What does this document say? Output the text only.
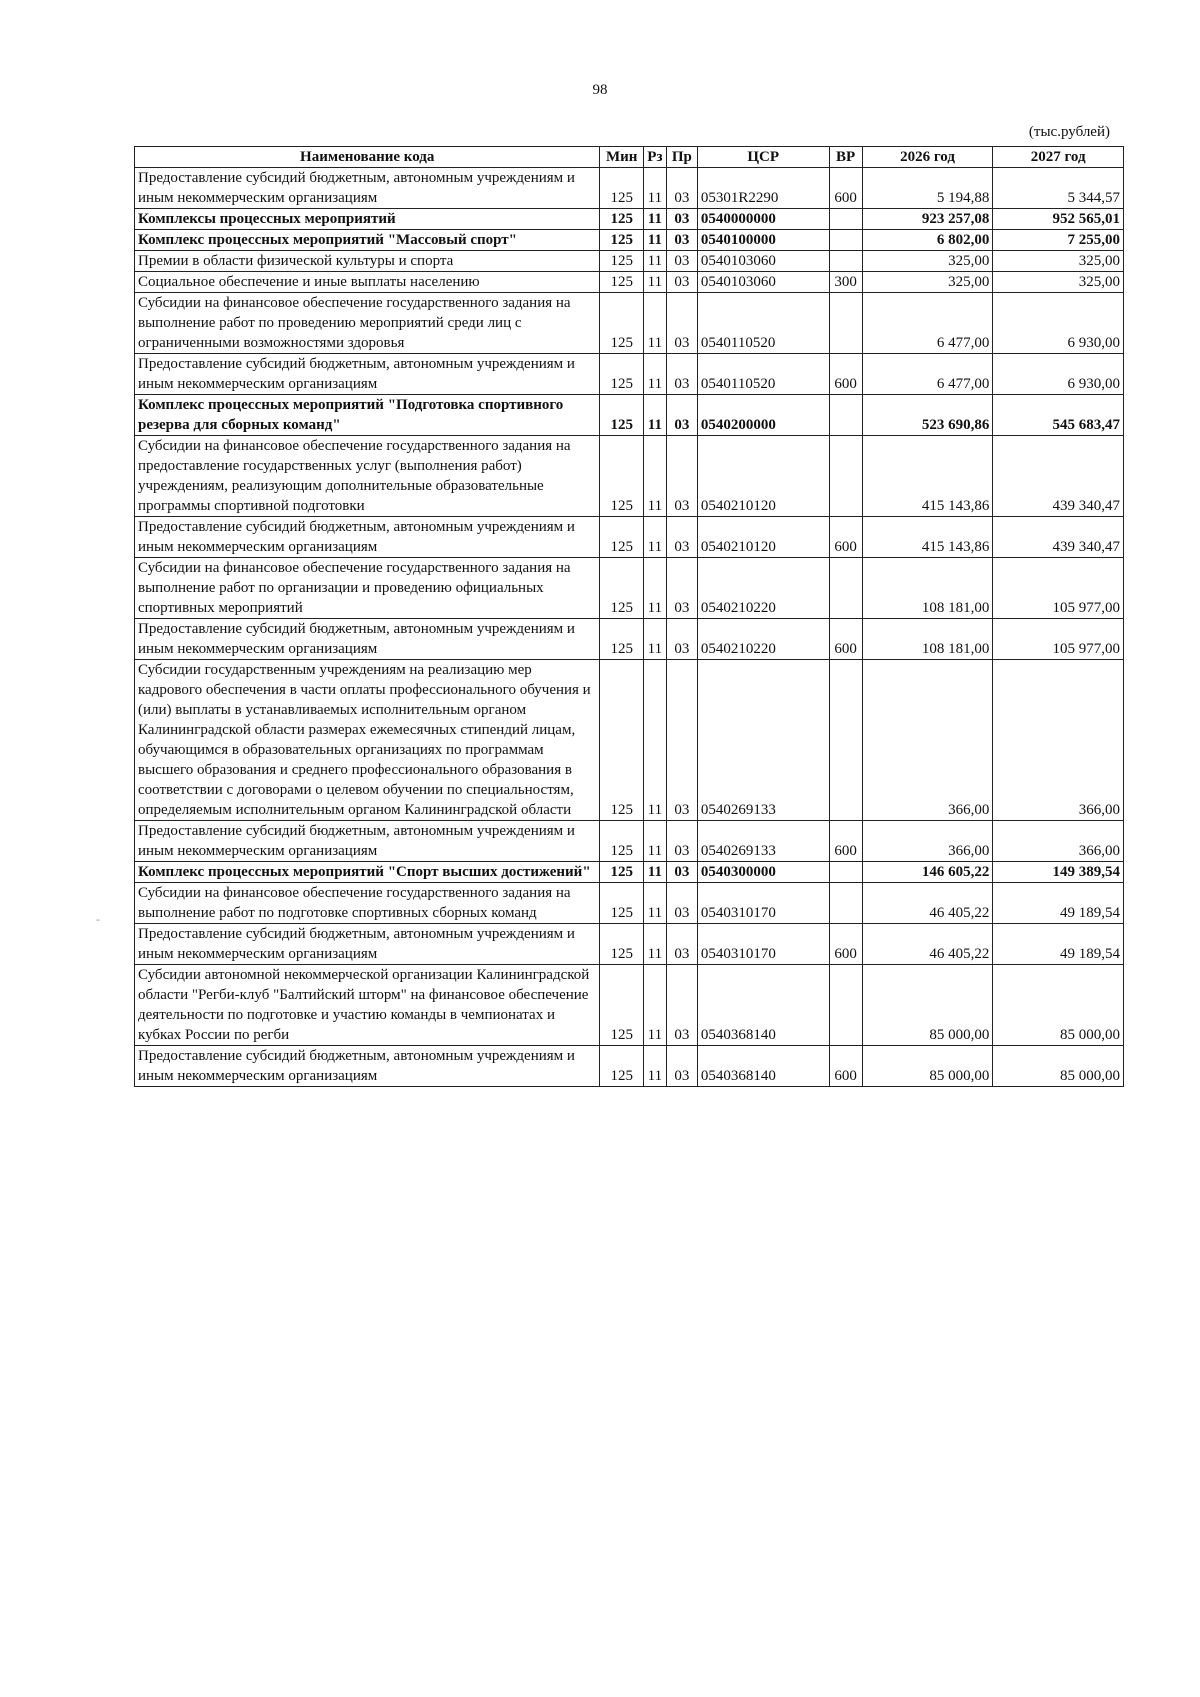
98
(тыс.рублей)
Наименование кода	Мин	Рз	Пр	ЦСР	ВР	2026 год	2027 год
Предоставление субсидий бюджетным, автономным учреждениям и иным некоммерческим организациям	125	11	03	05301R2290	600	5 194,88	5 344,57
Комплексы процессных мероприятий	125	11	03	0540000000		923 257,08	952 565,01
Комплекс процессных мероприятий "Массовый спорт"	125	11	03	0540100000		6 802,00	7 255,00
Премии в области физической культуры и спорта	125	11	03	0540103060		325,00	325,00
Социальное обеспечение и иные выплаты населению	125	11	03	0540103060	300	325,00	325,00
Субсидии на финансовое обеспечение государственного задания на выполнение работ по проведению мероприятий среди лиц с ограниченными возможностями здоровья	125	11	03	0540110520		6 477,00	6 930,00
Предоставление субсидий бюджетным, автономным учреждениям и иным некоммерческим организациям	125	11	03	0540110520	600	6 477,00	6 930,00
Комплекс процессных мероприятий "Подготовка спортивного резерва для сборных команд"	125	11	03	0540200000		523 690,86	545 683,47
Субсидии на финансовое обеспечение государственного задания на предоставление государственных услуг (выполнения работ) учреждениям, реализующим дополнительные образовательные программы спортивной подготовки	125	11	03	0540210120		415 143,86	439 340,47
Предоставление субсидий бюджетным, автономным учреждениям и иным некоммерческим организациям	125	11	03	0540210120	600	415 143,86	439 340,47
Субсидии на финансовое обеспечение государственного задания на выполнение работ по организации и проведению официальных спортивных мероприятий	125	11	03	0540210220		108 181,00	105 977,00
Предоставление субсидий бюджетным, автономным учреждениям и иным некоммерческим организациям	125	11	03	0540210220	600	108 181,00	105 977,00
Субсидии государственным учреждениям на реализацию мер кадрового обеспечения в части оплаты профессионального обучения и (или) выплаты в устанавливаемых исполнительным органом Калининградской области размерах ежемесячных стипендий лицам, обучающимся в образовательных организациях по программам высшего образования и среднего профессионального образования в соответствии с договорами о целевом обучении по специальностям, определяемым исполнительным органом Калининградской области	125	11	03	0540269133		366,00	366,00
Предоставление субсидий бюджетным, автономным учреждениям и иным некоммерческим организациям	125	11	03	0540269133	600	366,00	366,00
Комплекс процессных мероприятий "Спорт высших достижений"	125	11	03	0540300000		146 605,22	149 389,54
Субсидии на финансовое обеспечение государственного задания на выполнение работ по подготовке спортивных сборных команд	125	11	03	0540310170		46 405,22	49 189,54
Предоставление субсидий бюджетным, автономным учреждениям и иным некоммерческим организациям	125	11	03	0540310170	600	46 405,22	49 189,54
Субсидии автономной некоммерческой организации Калининградской области "Регби-клуб "Балтийский шторм" на финансовое обеспечение деятельности по подготовке и участию команды в чемпионатах и кубках России по регби	125	11	03	0540368140		85 000,00	85 000,00
Предоставление субсидий бюджетным, автономным учреждениям и иным некоммерческим организациям	125	11	03	0540368140	600	85 000,00	85 000,00
-
